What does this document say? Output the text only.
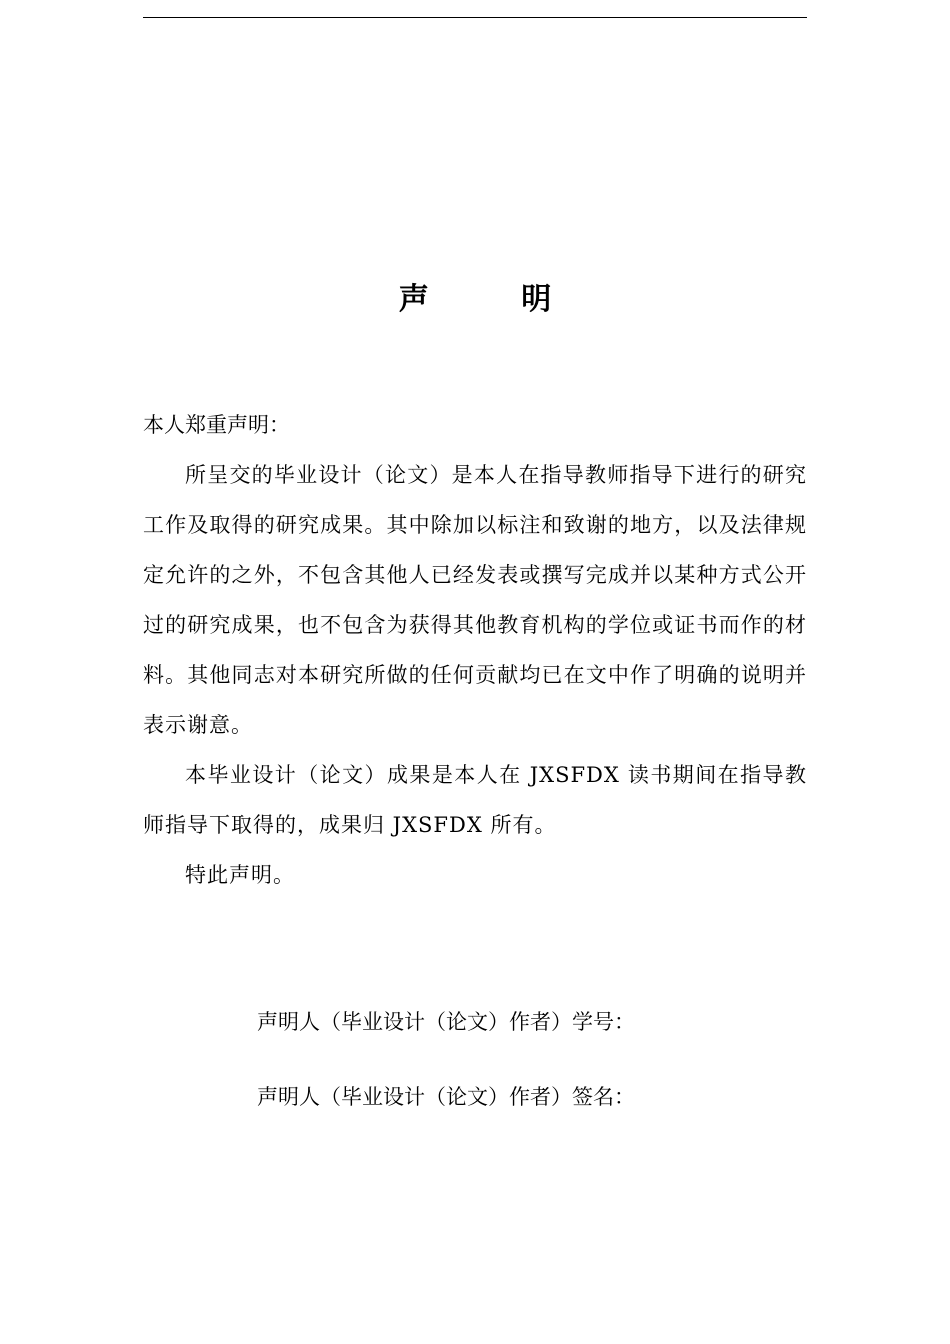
声 明
本人郑重声明：

所呈交的毕业设计（论文）是本人在指导教师指导下进行的研究工作及取得的研究成果。其中除加以标注和致谢的地方，以及法律规定允许的之外，不包含其他人已经发表或撰写完成并以某种方式公开过的研究成果，也不包含为获得其他教育机构的学位或证书而作的材料。其他同志对本研究所做的任何贡献均已在文中作了明确的说明并表示谢意。

本毕业设计（论文）成果是本人在 JXSFDX 读书期间在指导教师指导下取得的，成果归 JXSFDX 所有。

特此声明。

声明人（毕业设计（论文）作者）学号：
声明人（毕业设计（论文）作者）签名：
